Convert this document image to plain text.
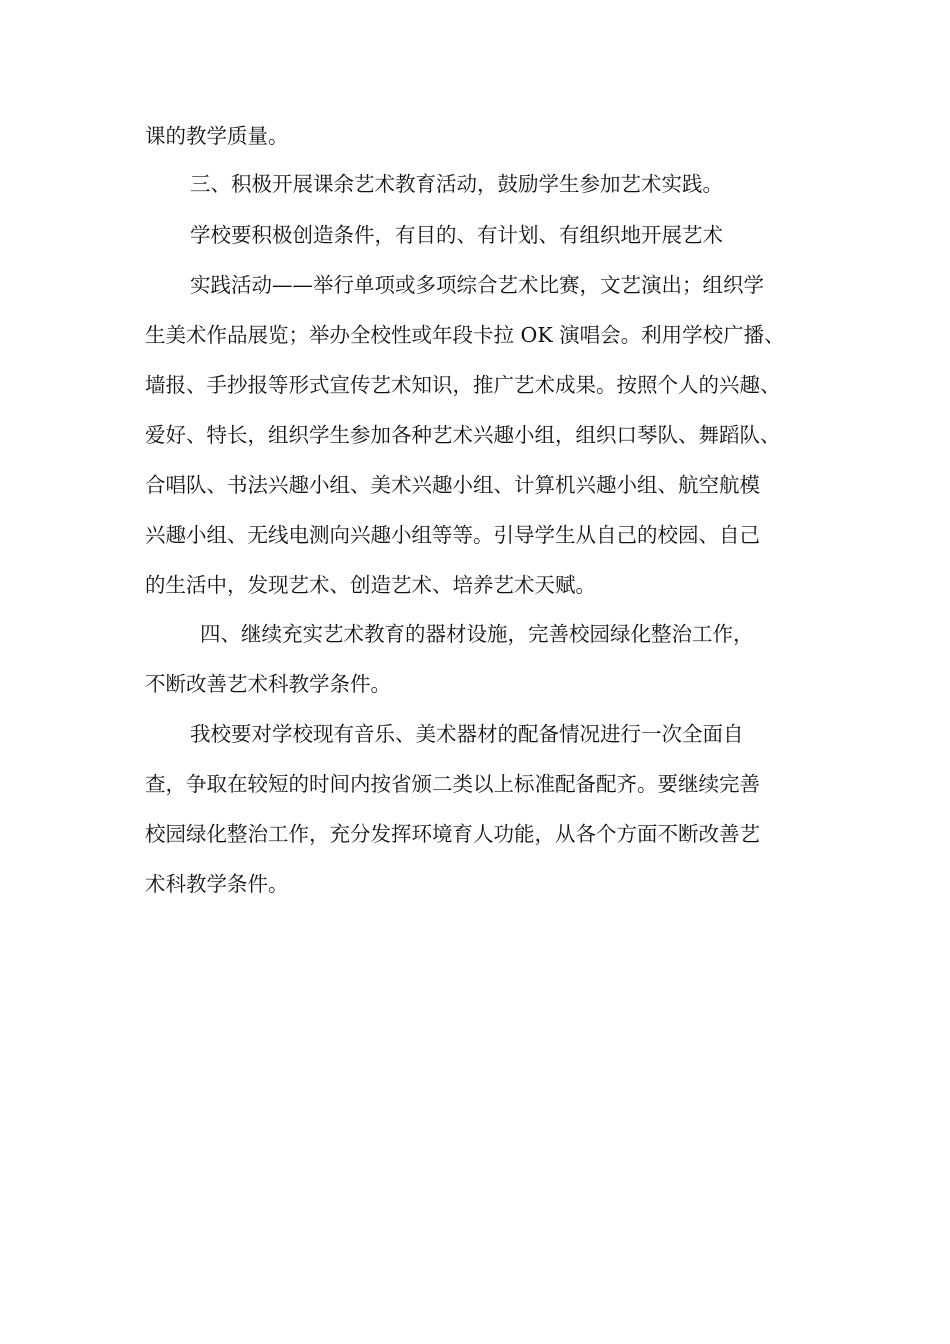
课的教学质量。
三、积极开展课余艺术教育活动，鼓励学生参加艺术实践。
学校要积极创造条件，有目的、有计划、有组织地开展艺术
实践活动——举行单项或多项综合艺术比赛，文艺演出；组织学
生美术作品展览；举办全校性或年段卡拉 OK 演唱会。利用学校广播、
墙报、手抄报等形式宣传艺术知识，推广艺术成果。按照个人的兴趣、
爱好、特长，组织学生参加各种艺术兴趣小组，组织口琴队、舞蹈队、
合唱队、书法兴趣小组、美术兴趣小组、计算机兴趣小组、航空航模
兴趣小组、无线电测向兴趣小组等等。引导学生从自己的校园、自己
的生活中，发现艺术、创造艺术、培养艺术天赋。
四、继续充实艺术教育的器材设施，完善校园绿化整治工作，
不断改善艺术科教学条件。
我校要对学校现有音乐、美术器材的配备情况进行一次全面自
查，争取在较短的时间内按省颁二类以上标准配备配齐。要继续完善
校园绿化整治工作，充分发挥环境育人功能，从各个方面不断改善艺
术科教学条件。
